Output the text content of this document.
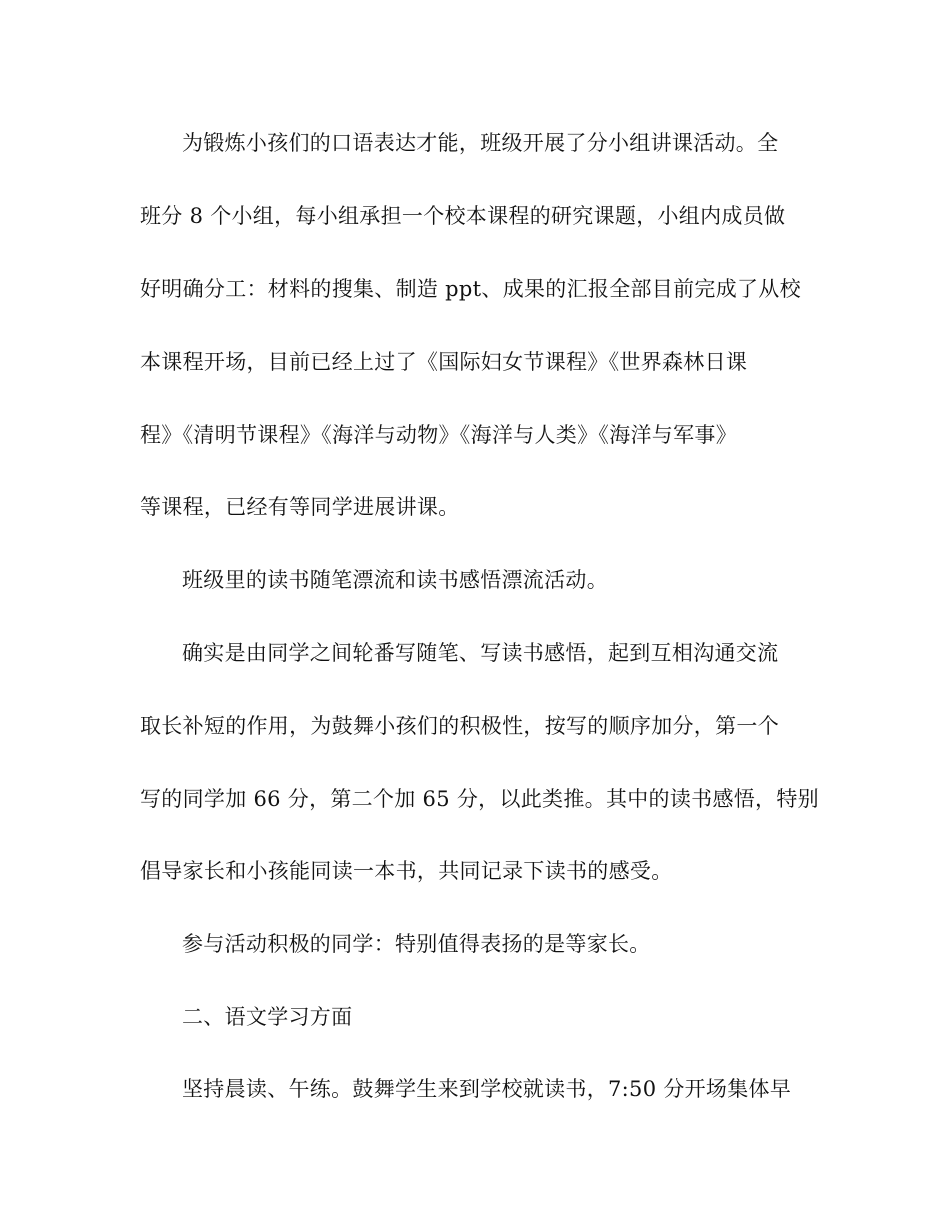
为锻炼小孩们的口语表达才能，班级开展了分小组讲课活动。全

班分 8 个小组，每小组承担一个校本课程的研究课题，小组内成员做

好明确分工：材料的搜集、制造 ppt、成果的汇报全部目前完成了从校

本课程开场，目前已经上过了《国际妇女节课程》《世界森林日课

程》《清明节课程》《海洋与动物》《海洋与人类》《海洋与军事》

等课程，已经有等同学进展讲课。

班级里的读书随笔漂流和读书感悟漂流活动。

确实是由同学之间轮番写随笔、写读书感悟，起到互相沟通交流

取长补短的作用，为鼓舞小孩们的积极性，按写的顺序加分，第一个

写的同学加 66 分，第二个加 65 分，以此类推。其中的读书感悟，特别

倡导家长和小孩能同读一本书，共同记录下读书的感受。

参与活动积极的同学：特别值得表扬的是等家长。

二、语文学习方面

坚持晨读、午练。鼓舞学生来到学校就读书，7:50 分开场集体早
